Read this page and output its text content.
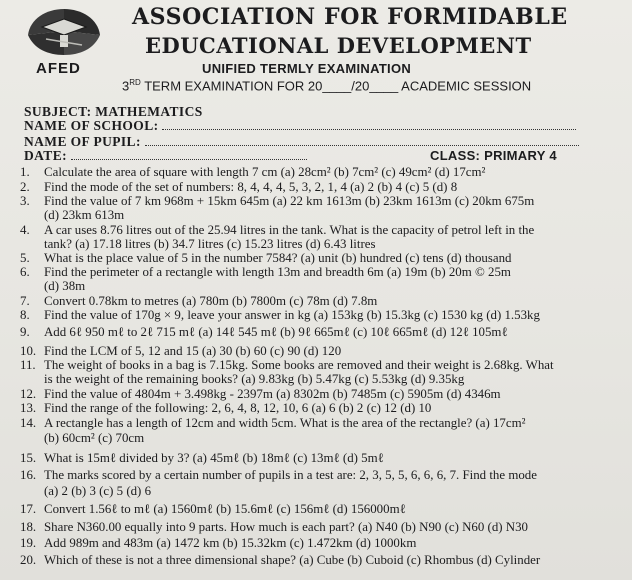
ASSOCIATION FOR FORMIDABLE
EDUCATIONAL DEVELOPMENT
AFED	UNIFIED TERMLY EXAMINATION
3RD TERM EXAMINATION FOR 20____/20____ ACADEMIC SESSION
SUBJECT: MATHEMATICS
NAME OF SCHOOL:
NAME OF PUPIL:
DATE:	CLASS: PRIMARY 4
1. Calculate the area of square with length 7 cm (a) 28cm² (b) 7cm² (c) 49cm² (d) 17cm²
2. Find the mode of the set of numbers: 8, 4, 4, 4, 5, 3, 2, 1, 4 (a) 2 (b) 4 (c) 5 (d) 8
3. Find the value of 7 km 968m + 15km 645m (a) 22 km 1613m (b) 23km 1613m (c) 20km 675m
(d) 23km 613m
4. A car uses 8.76 litres out of the 25.94 litres in the tank. What is the capacity of petrol left in the
tank? (a) 17.18 litres (b) 34.7 litres (c) 15.23 litres (d) 6.43 litres
5. What is the place value of 5 in the number 7584? (a) unit (b) hundred (c) tens (d) thousand
6. Find the perimeter of a rectangle with length 13m and breadth 6m (a) 19m (b) 20m © 25m
(d) 38m
7. Convert 0.78km to metres (a) 780m (b) 7800m (c) 78m (d) 7.8m
8. Find the value of 170g × 9, leave your answer in kg (a) 153kg (b) 15.3kg (c) 1530 kg (d) 1.53kg
9. Add 6ℓ 950 mℓ to 2ℓ 715 mℓ (a) 14ℓ 545 mℓ (b) 9ℓ 665mℓ (c) 10ℓ 665mℓ (d) 12ℓ 105mℓ
10. Find the LCM of 5, 12 and 15 (a) 30 (b) 60 (c) 90 (d) 120
11. The weight of books in a bag is 7.15kg. Some books are removed and their weight is 2.68kg. What
is the weight of the remaining books? (a) 9.83kg (b) 5.47kg (c) 5.53kg (d) 9.35kg
12. Find the value of 4804m + 3.498kg - 2397m (a) 8302m (b) 7485m (c) 5905m (d) 4346m
13. Find the range of the following: 2, 6, 4, 8, 12, 10, 6 (a) 6 (b) 2 (c) 12 (d) 10
14. A rectangle has a length of 12cm and width 5cm. What is the area of the rectangle? (a) 17cm²
(b) 60cm² (c) 70cm
15. What is 15mℓ divided by 3? (a) 45mℓ (b) 18mℓ (c) 13mℓ (d) 5mℓ
16. The marks scored by a certain number of pupils in a test are: 2, 3, 5, 5, 6, 6, 6, 7. Find the mode
(a) 2 (b) 3 (c) 5 (d) 6
17. Convert 1.56ℓ to mℓ (a) 1560mℓ (b) 15.6mℓ (c) 156mℓ (d) 156000mℓ
18. Share N360.00 equally into 9 parts. How much is each part? (a) N40 (b) N90 (c) N60 (d) N30
19. Add 989m and 483m (a) 1472 km (b) 15.32km (c) 1.472km (d) 1000km
20. Which of these is not a three dimensional shape? (a) Cube (b) Cuboid (c) Rhombus (d) Cylinder
